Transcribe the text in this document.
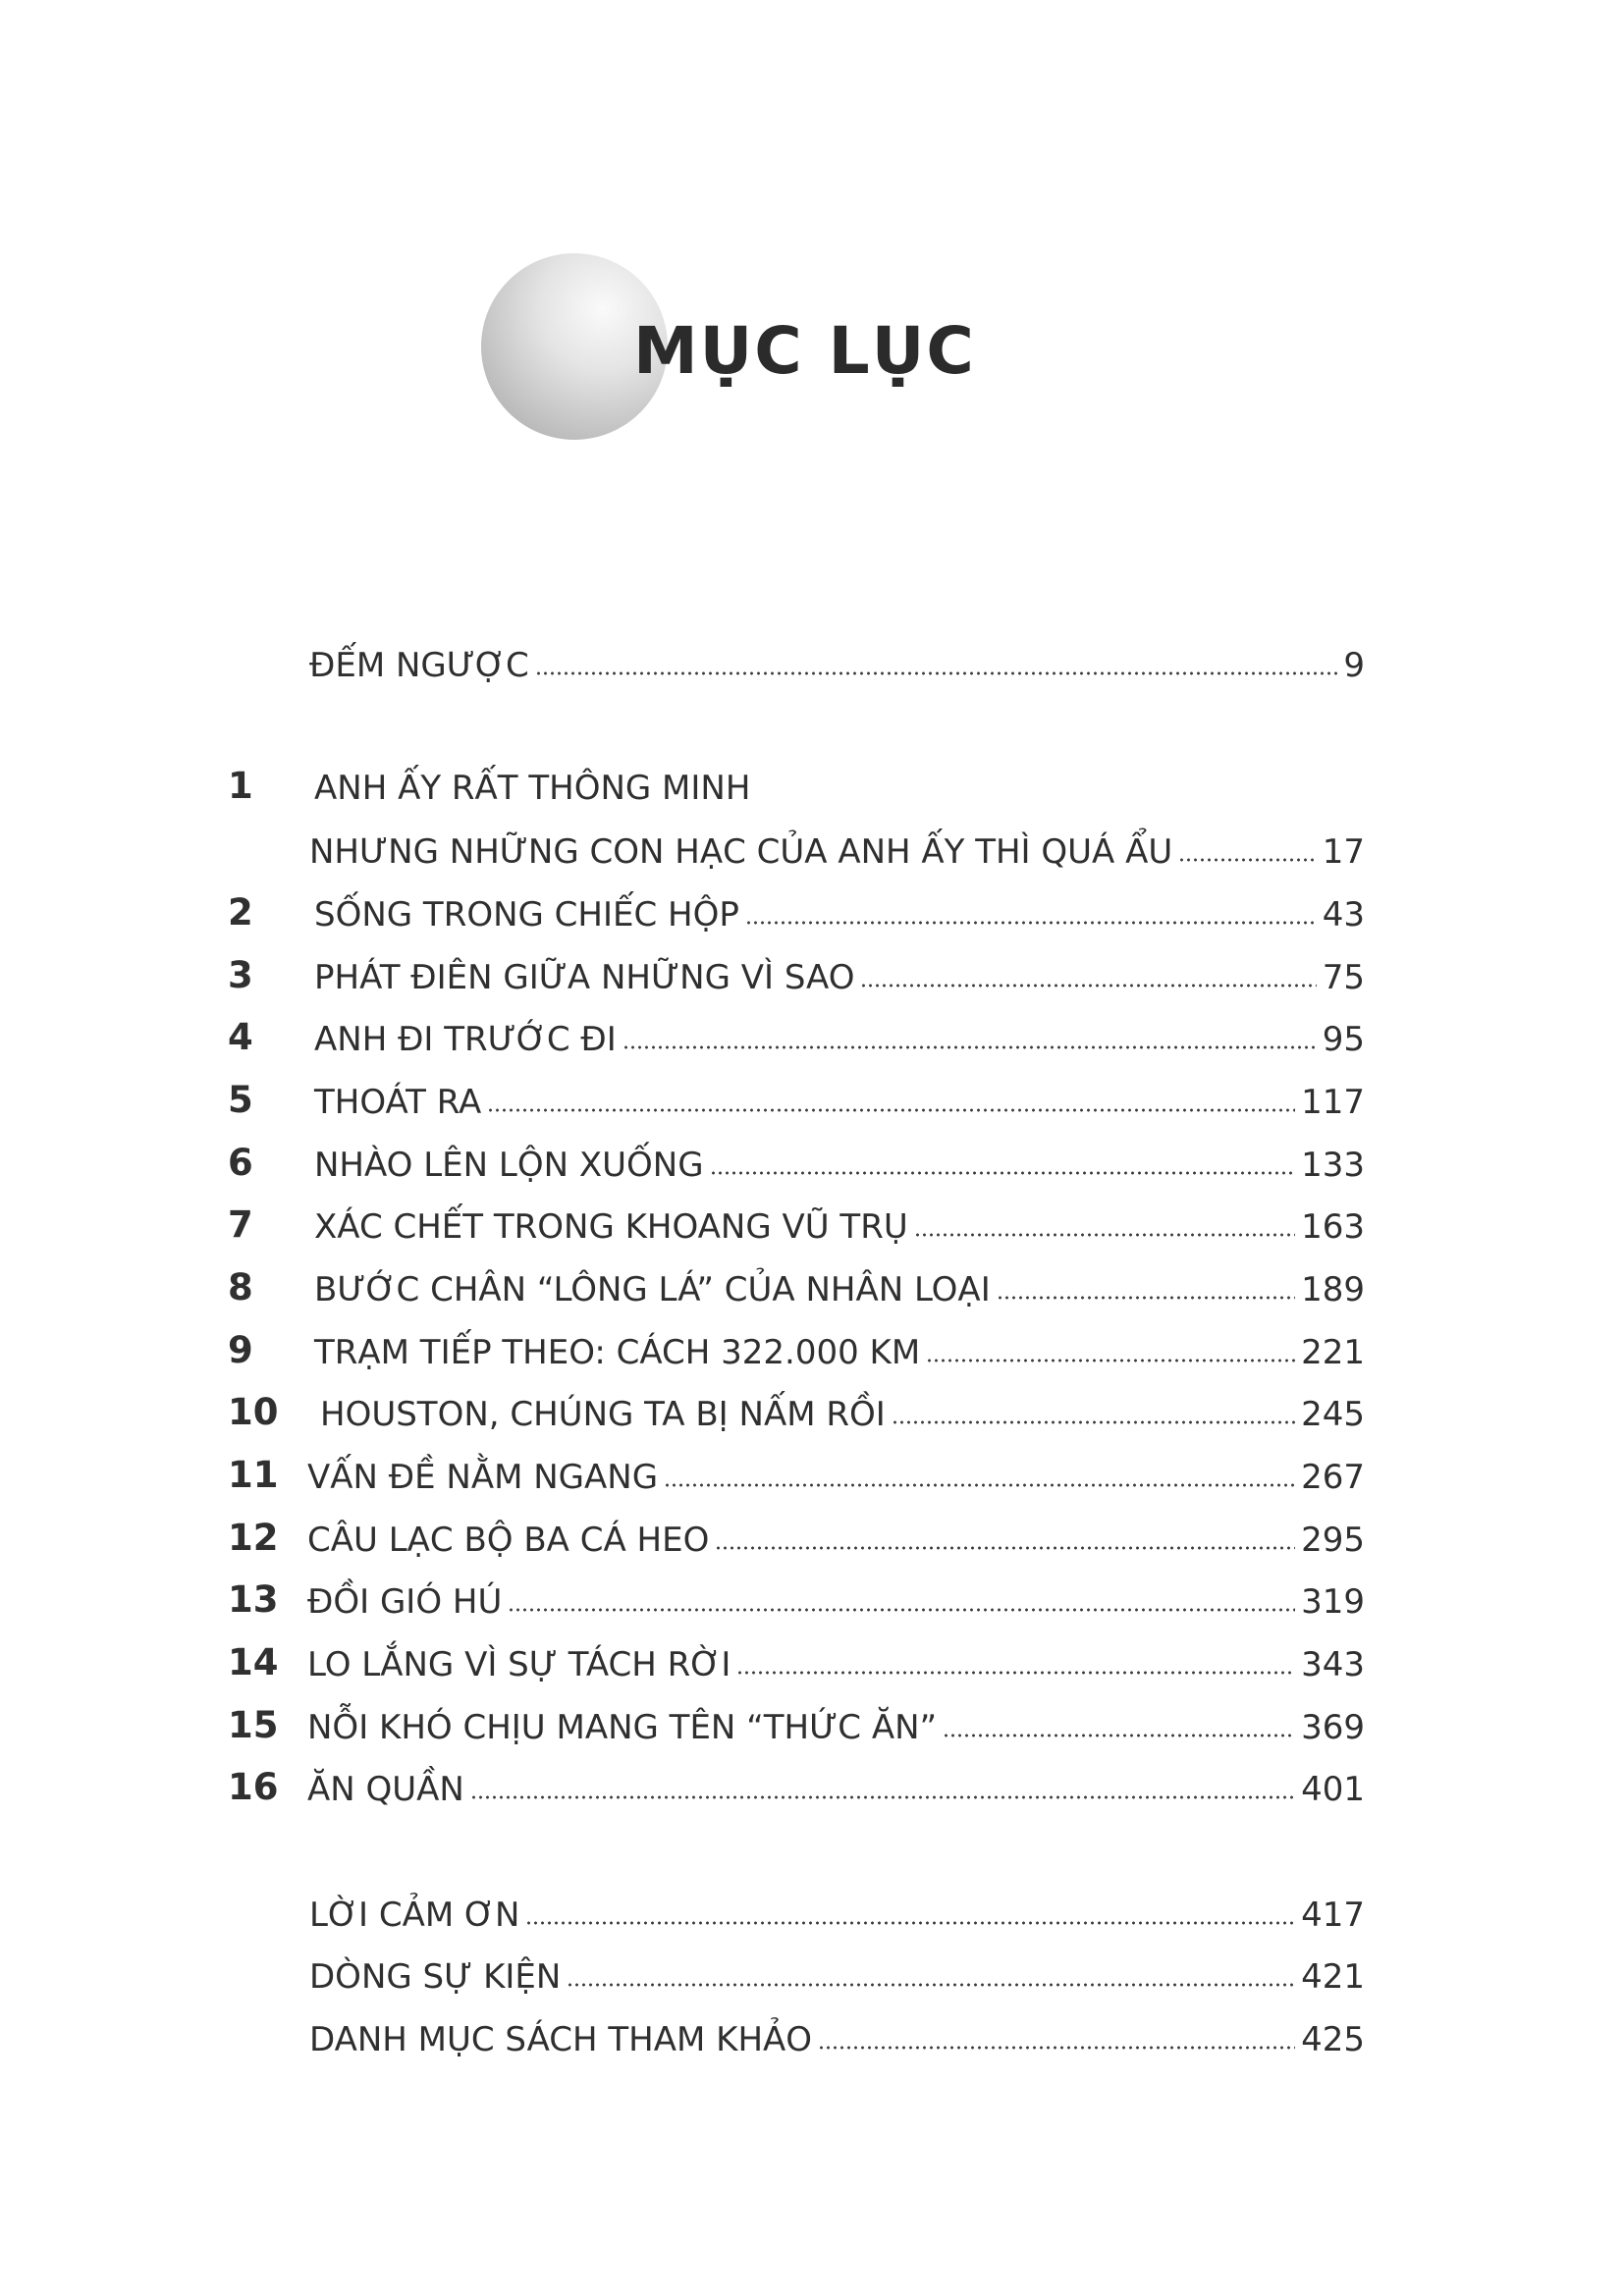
MỤC LỤC
ĐẾM NGƯỢC	9
1 ANH ẤY RẤT THÔNG MINH
NHƯNG NHỮNG CON HẠC CỦA ANH ẤY THÌ QUÁ ẨU	17
2 SỐNG TRONG CHIẾC HỘP	43
3 PHÁT ĐIÊN GIỮA NHỮNG VÌ SAO	75
4 ANH ĐI TRƯỚC ĐI	95
5 THOÁT RA	117
6 NHÀO LÊN LỘN XUỐNG	133
7 XÁC CHẾT TRONG KHOANG VŨ TRỤ	163
8 BƯỚC CHÂN “LÔNG LÁ” CỦA NHÂN LOẠI	189
9 TRẠM TIẾP THEO: CÁCH 322.000 KM	221
10 HOUSTON, CHÚNG TA BỊ NẤM RỒI	245
11 VẤN ĐỀ NẰM NGANG	267
12 CÂU LẠC BỘ BA CÁ HEO	295
13 ĐỒI GIÓ HÚ	319
14 LO LẮNG VÌ SỰ TÁCH RỜI	343
15 NỖI KHÓ CHỊU MANG TÊN “THỨC ĂN”	369
16 ĂN QUẦN	401
LỜI CẢM ƠN	417
DÒNG SỰ KIỆN	421
DANH MỤC SÁCH THAM KHẢO	425
